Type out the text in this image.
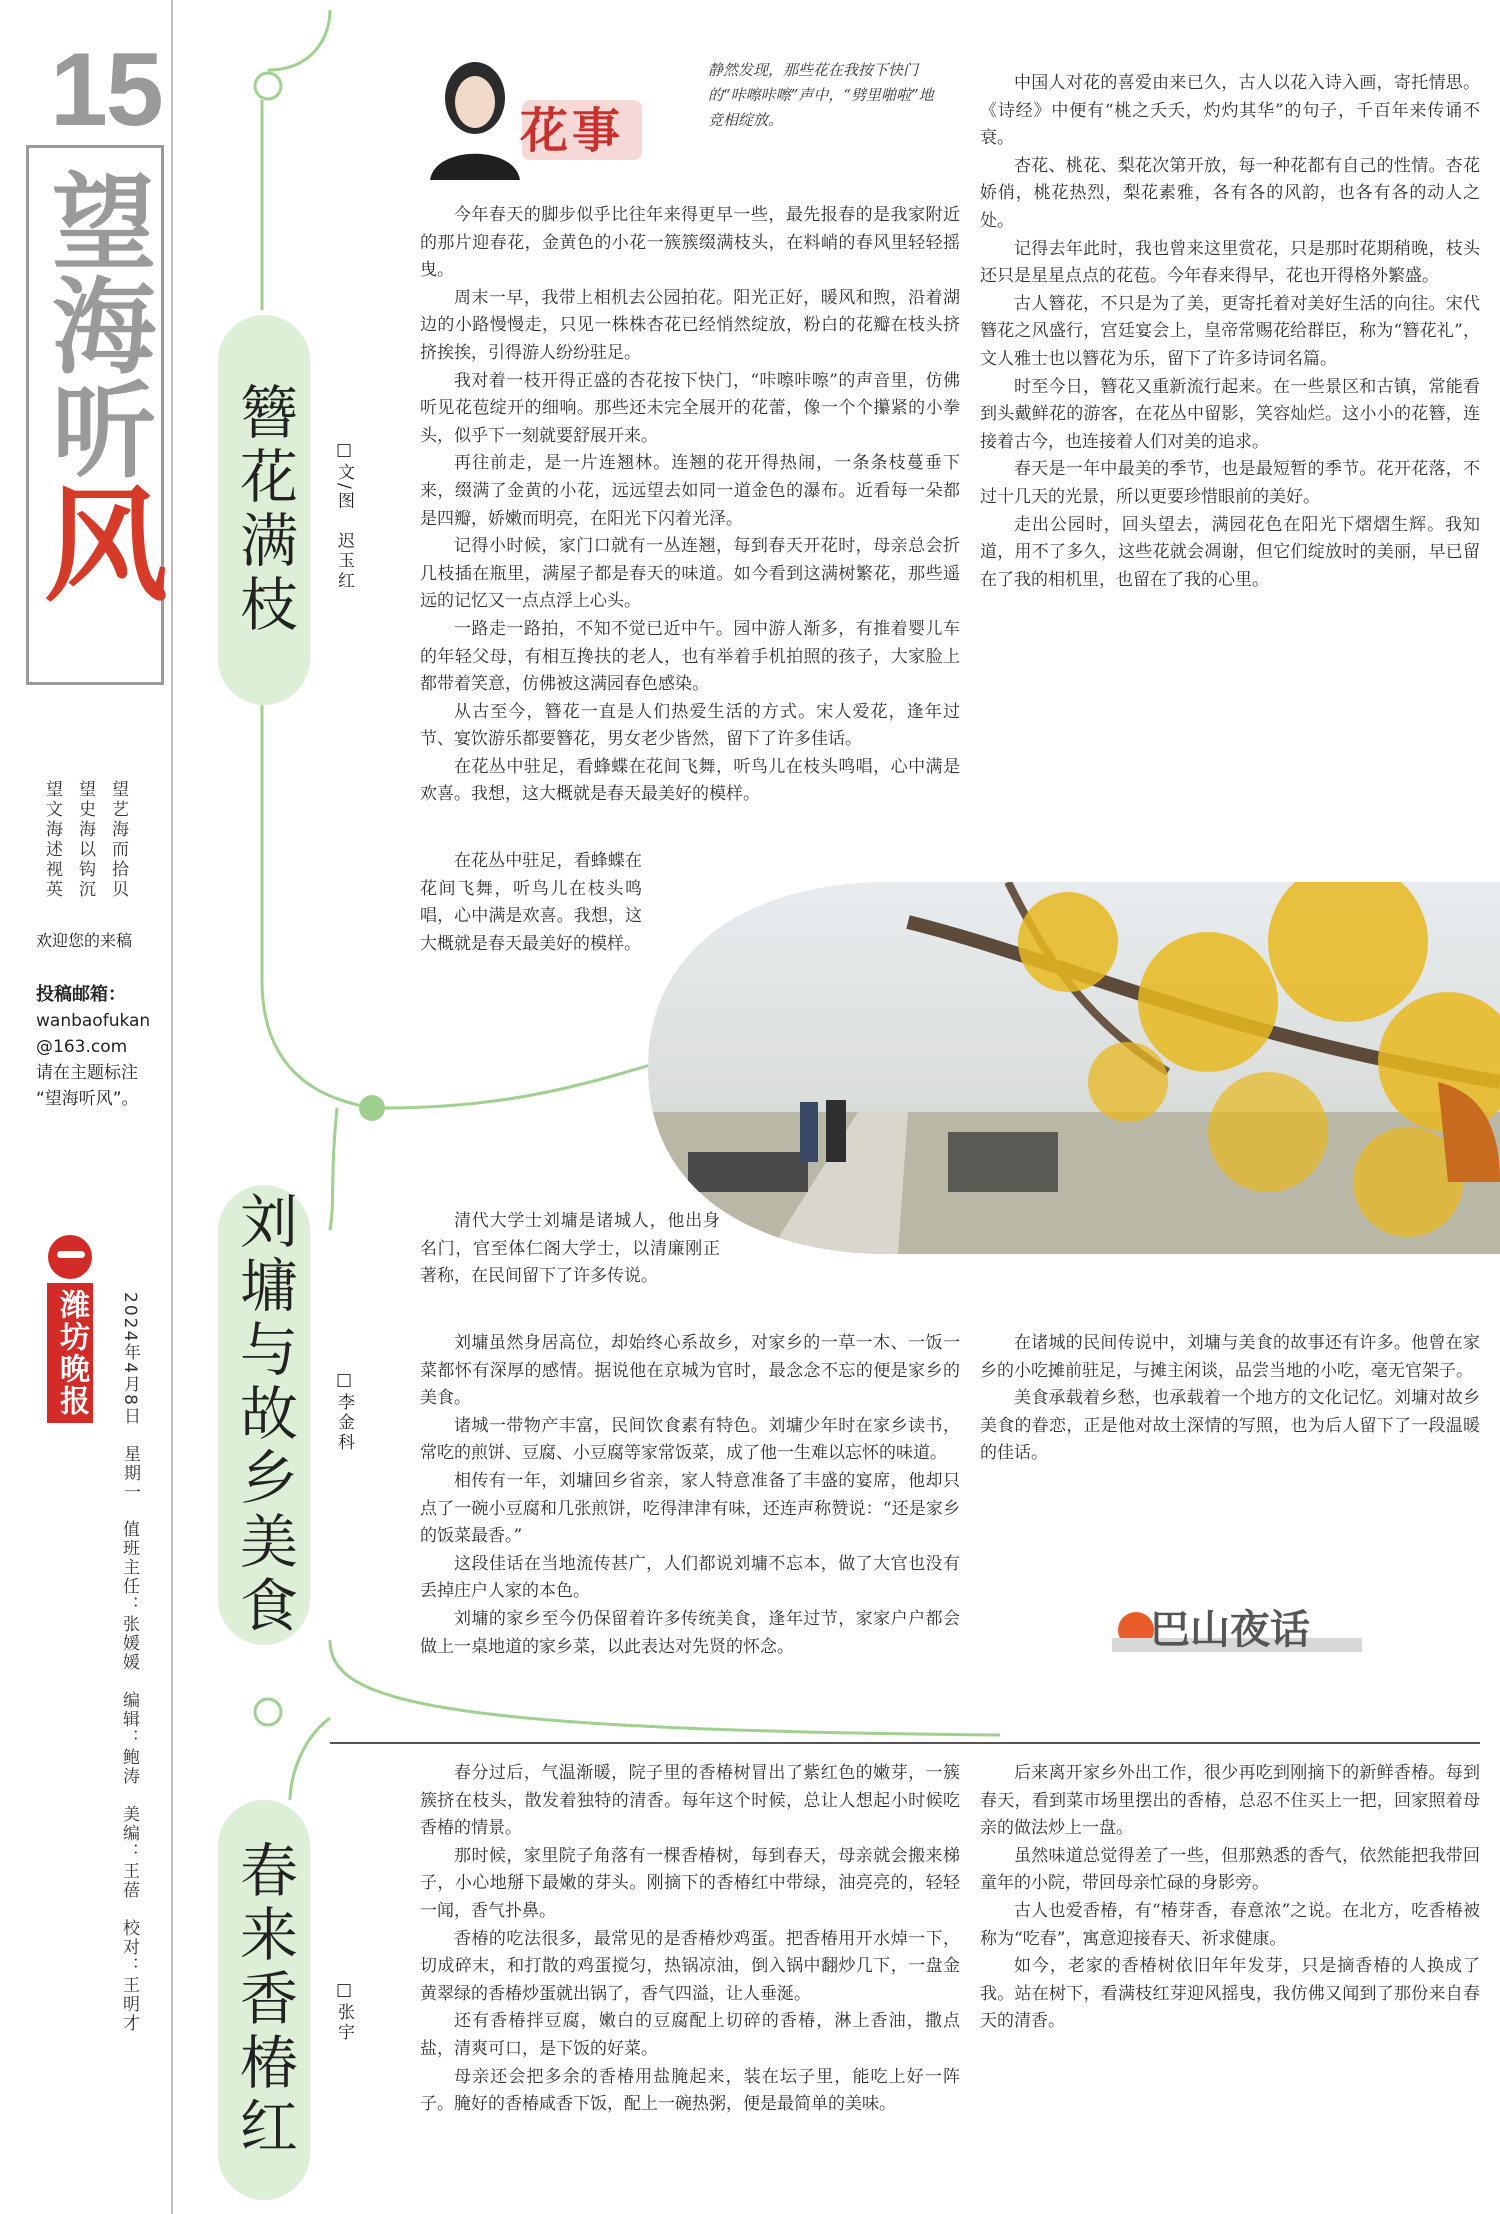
15
望海听风
望文海述视英 望史海以钩沉 望艺海而拾贝
欢迎您的来稿
投稿邮箱：
wanbaofukan
@163.com
请在主题标注
“望海听风”。
潍坊晚报 2024年4月8日　星期一
值班主任：张媛媛　编辑：鲍涛　美编：王蓓　校对：王明才
簪花满枝	□文/图　迟玉红
花事
静然发现，那些花在我按下快门的“咔嚓咔嚓”声中，“劈里啪啦”地竞相绽放。

今年春天的脚步似乎比往年来得更早一些，最先报春的是我家附近的那片迎春花，金黄色的小花一簇簇缀满枝头，在料峭的春风里轻轻摇曳。

周末一早，我带上相机去公园拍花。阳光正好，暖风和煦，沿着湖边的小路慢慢走，只见一株株杏花已经悄然绽放，粉白的花瓣在枝头挤挤挨挨，引得游人纷纷驻足。

我对着一枝开得正盛的杏花按下快门，“咔嚓咔嚓”的声音里，仿佛听见花苞绽开的细响。那些还未完全展开的花蕾，像一个个攥紧的小拳头，似乎下一刻就要舒展开来。

再往前走，是一片连翘林。连翘的花开得热闹，一条条枝蔓垂下来，缀满了金黄的小花，远远望去如同一道金色的瀑布。近看每一朵都是四瓣，娇嫩而明亮，在阳光下闪着光泽。

记得小时候，家门口就有一丛连翘，每到春天开花时，母亲总会折几枝插在瓶里，满屋子都是春天的味道。如今看到这满树繁花，那些遥远的记忆又一点点浮上心头。

一路走一路拍，不知不觉已近中午。园中游人渐多，有推着婴儿车的年轻父母，有相互搀扶的老人，也有举着手机拍照的孩子，大家脸上都带着笑意，仿佛被这满园春色感染。

从古至今，簪花一直是人们热爱生活的方式。宋人爱花，逢年过节、宴饮游乐都要簪花，男女老少皆然，留下了许多佳话。

在花丛中驻足，看蜂蝶在花间飞舞，听鸟儿在枝头鸣唱，心中满是欢喜。我想，这大概就是春天最美好的模样。

在花丛中驻足，看蜂蝶在花间飞舞，听鸟儿在枝头鸣唱，心中满是欢喜。我想，这大概就是春天最美好的模样。

中国人对花的喜爱由来已久，古人以花入诗入画，寄托情思。《诗经》中便有“桃之夭夭，灼灼其华”的句子，千百年来传诵不衰。

杏花、桃花、梨花次第开放，每一种花都有自己的性情。杏花娇俏，桃花热烈，梨花素雅，各有各的风韵，也各有各的动人之处。

记得去年此时，我也曾来这里赏花，只是那时花期稍晚，枝头还只是星星点点的花苞。今年春来得早，花也开得格外繁盛。

古人簪花，不只是为了美，更寄托着对美好生活的向往。宋代簪花之风盛行，宫廷宴会上，皇帝常赐花给群臣，称为“簪花礼”，文人雅士也以簪花为乐，留下了许多诗词名篇。

时至今日，簪花又重新流行起来。在一些景区和古镇，常能看到头戴鲜花的游客，在花丛中留影，笑容灿烂。这小小的花簪，连接着古今，也连接着人们对美的追求。

春天是一年中最美的季节，也是最短暂的季节。花开花落，不过十几天的光景，所以更要珍惜眼前的美好。

走出公园时，回头望去，满园花色在阳光下熠熠生辉。我知道，用不了多久，这些花就会凋谢，但它们绽放时的美丽，早已留在了我的相机里，也留在了我的心里。

清代大学士刘墉是诸城人，他出身名门，官至体仁阁大学士，以清廉刚正著称，在民间留下了许多传说。

刘墉与故乡美食	□李金科

刘墉虽然身居高位，却始终心系故乡，对家乡的一草一木、一饭一菜都怀有深厚的感情。据说他在京城为官时，最念念不忘的便是家乡的美食。

诸城一带物产丰富，民间饮食素有特色。刘墉少年时在家乡读书，常吃的煎饼、豆腐、小豆腐等家常饭菜，成了他一生难以忘怀的味道。

相传有一年，刘墉回乡省亲，家人特意准备了丰盛的宴席，他却只点了一碗小豆腐和几张煎饼，吃得津津有味，还连声称赞说：“还是家乡的饭菜最香。”

这段佳话在当地流传甚广，人们都说刘墉不忘本，做了大官也没有丢掉庄户人家的本色。

刘墉的家乡至今仍保留着许多传统美食，逢年过节，家家户户都会做上一桌地道的家乡菜，以此表达对先贤的怀念。

在诸城的民间传说中，刘墉与美食的故事还有许多。他曾在家乡的小吃摊前驻足，与摊主闲谈，品尝当地的小吃，毫无官架子。

美食承载着乡愁，也承载着一个地方的文化记忆。刘墉对故乡美食的眷恋，正是他对故土深情的写照，也为后人留下了一段温暖的佳话。

巴山夜话
春来香椿红	□张宇

春分过后，气温渐暖，院子里的香椿树冒出了紫红色的嫩芽，一簇簇挤在枝头，散发着独特的清香。每年这个时候，总让人想起小时候吃香椿的情景。

那时候，家里院子角落有一棵香椿树，每到春天，母亲就会搬来梯子，小心地掰下最嫩的芽头。刚摘下的香椿红中带绿，油亮亮的，轻轻一闻，香气扑鼻。

香椿的吃法很多，最常见的是香椿炒鸡蛋。把香椿用开水焯一下，切成碎末，和打散的鸡蛋搅匀，热锅凉油，倒入锅中翻炒几下，一盘金黄翠绿的香椿炒蛋就出锅了，香气四溢，让人垂涎。

还有香椿拌豆腐，嫩白的豆腐配上切碎的香椿，淋上香油，撒点盐，清爽可口，是下饭的好菜。

母亲还会把多余的香椿用盐腌起来，装在坛子里，能吃上好一阵子。腌好的香椿咸香下饭，配上一碗热粥，便是最简单的美味。

后来离开家乡外出工作，很少再吃到刚摘下的新鲜香椿。每到春天，看到菜市场里摆出的香椿，总忍不住买上一把，回家照着母亲的做法炒上一盘。

虽然味道总觉得差了一些，但那熟悉的香气，依然能把我带回童年的小院，带回母亲忙碌的身影旁。

古人也爱香椿，有“椿芽香，春意浓”之说。在北方，吃香椿被称为“吃春”，寓意迎接春天、祈求健康。

如今，老家的香椿树依旧年年发芽，只是摘香椿的人换成了我。站在树下，看满枝红芽迎风摇曳，我仿佛又闻到了那份来自春天的清香。
